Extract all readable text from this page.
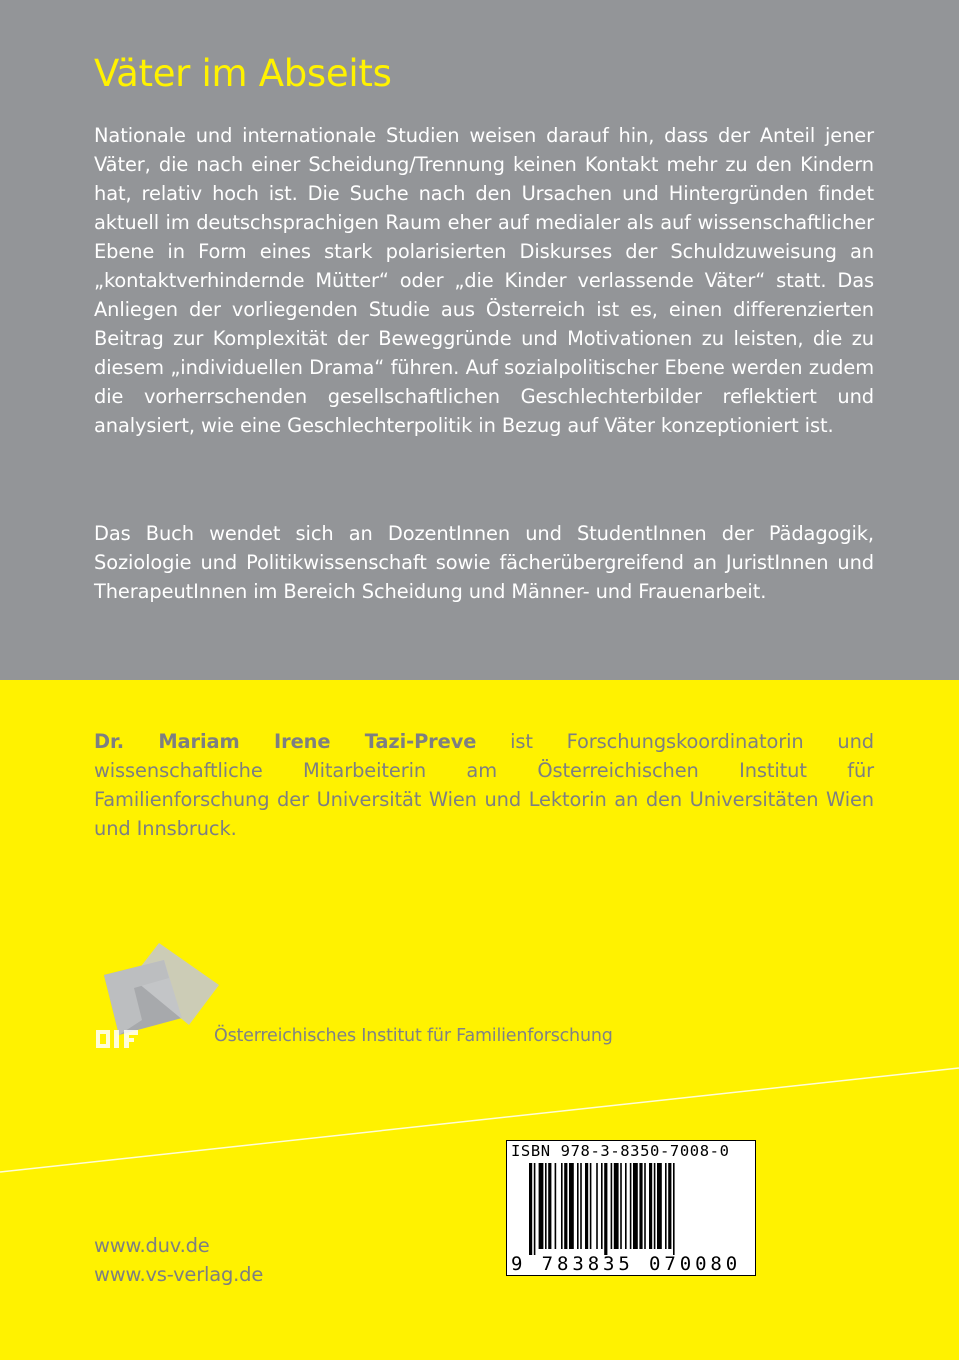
Väter im Abseits

Nationale und internationale Studien weisen darauf hin, dass der Anteil jener Väter, die nach einer Scheidung/Trennung keinen Kontakt mehr zu den Kindern hat, relativ hoch ist. Die Suche nach den Ursachen und Hintergründen findet aktuell im deutschsprachigen Raum eher auf medialer als auf wissenschaftlicher Ebene in Form eines stark polarisierten Diskurses der Schuldzuweisung an „kontaktverhindernde Mütter“ oder „die Kinder verlassende Väter“ statt. Das Anliegen der vorliegenden Studie aus Österreich ist es, einen differenzierten Beitrag zur Komplexität der Beweggründe und Motivationen zu leisten, die zu diesem „individuellen Drama“ führen. Auf sozialpolitischer Ebene werden zudem die vorherrschenden gesellschaftlichen Geschlechterbilder reflektiert und analysiert, wie eine Geschlechterpolitik in Bezug auf Väter konzeptioniert ist.

Das Buch wendet sich an DozentInnen und StudentInnen der Pädagogik, Soziologie und Politikwissenschaft sowie fächerübergreifend an JuristInnen und TherapeutInnen im Bereich Scheidung und Männer- und Frauenarbeit.

Dr. Mariam Irene Tazi-Preve ist Forschungskoordinatorin und wissenschaftliche Mitarbeiterin am Österreichischen Institut für Familienforschung der Universität Wien und Lektorin an den Universitäten Wien und Innsbruck.

Österreichisches Institut für Familienforschung

ISBN 978-3-8350-7008-0

9 783835 070080

www.duv.de

www.vs-verlag.de
